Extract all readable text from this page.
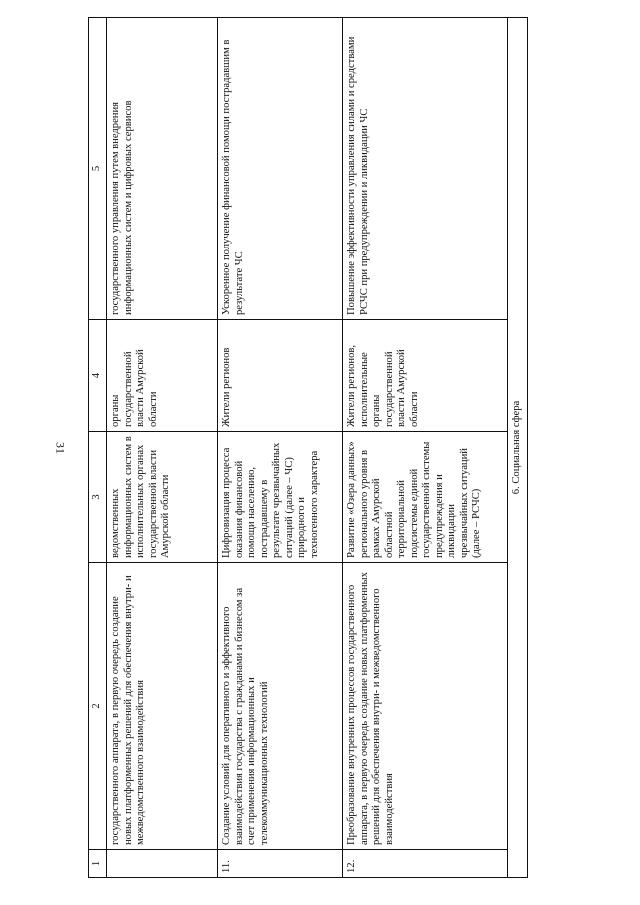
31
1	2	3	4	5
	государственного аппарата, в первую очередь создание новых платформенных решений для обеспечения внутри- и межведомственного взаимодействия	ведомственных информационных систем в исполнительных органах государственной власти Амурской области	органы государственной власти Амурской области	государственного управления путем внедрения информационных систем и цифровых сервисов
11.	Создание условий для оперативного и эффективного взаимодействия государства с гражданами и бизнесом за счет применения информационных и телекоммуникационных технологий	Цифровизация процесса оказания финансовой помощи населению, пострадавшему в результате чрезвычайных ситуаций (далее – ЧС) природного и техногенного характера	Жители регионов	Ускоренное получение финансовой помощи пострадавшим в результате ЧС
12.	Преобразование внутренних процессов государственного аппарата, в первую очередь создание новых платформенных решений для обеспечения внутри- и межведомственного взаимодействия	Развитие «Озера данных» регионального уровня в рамках Амурской областной территориальной подсистемы единой государственной системы предупреждения и ликвидации чрезвычайных ситуаций (далее – РСЧС)	Жители регионов, исполнительные органы государственной власти Амурской области	Повышение эффективности управления силами и средствами РСЧС при предупреждении и ликвидации ЧС
6. Социальная сфера				
